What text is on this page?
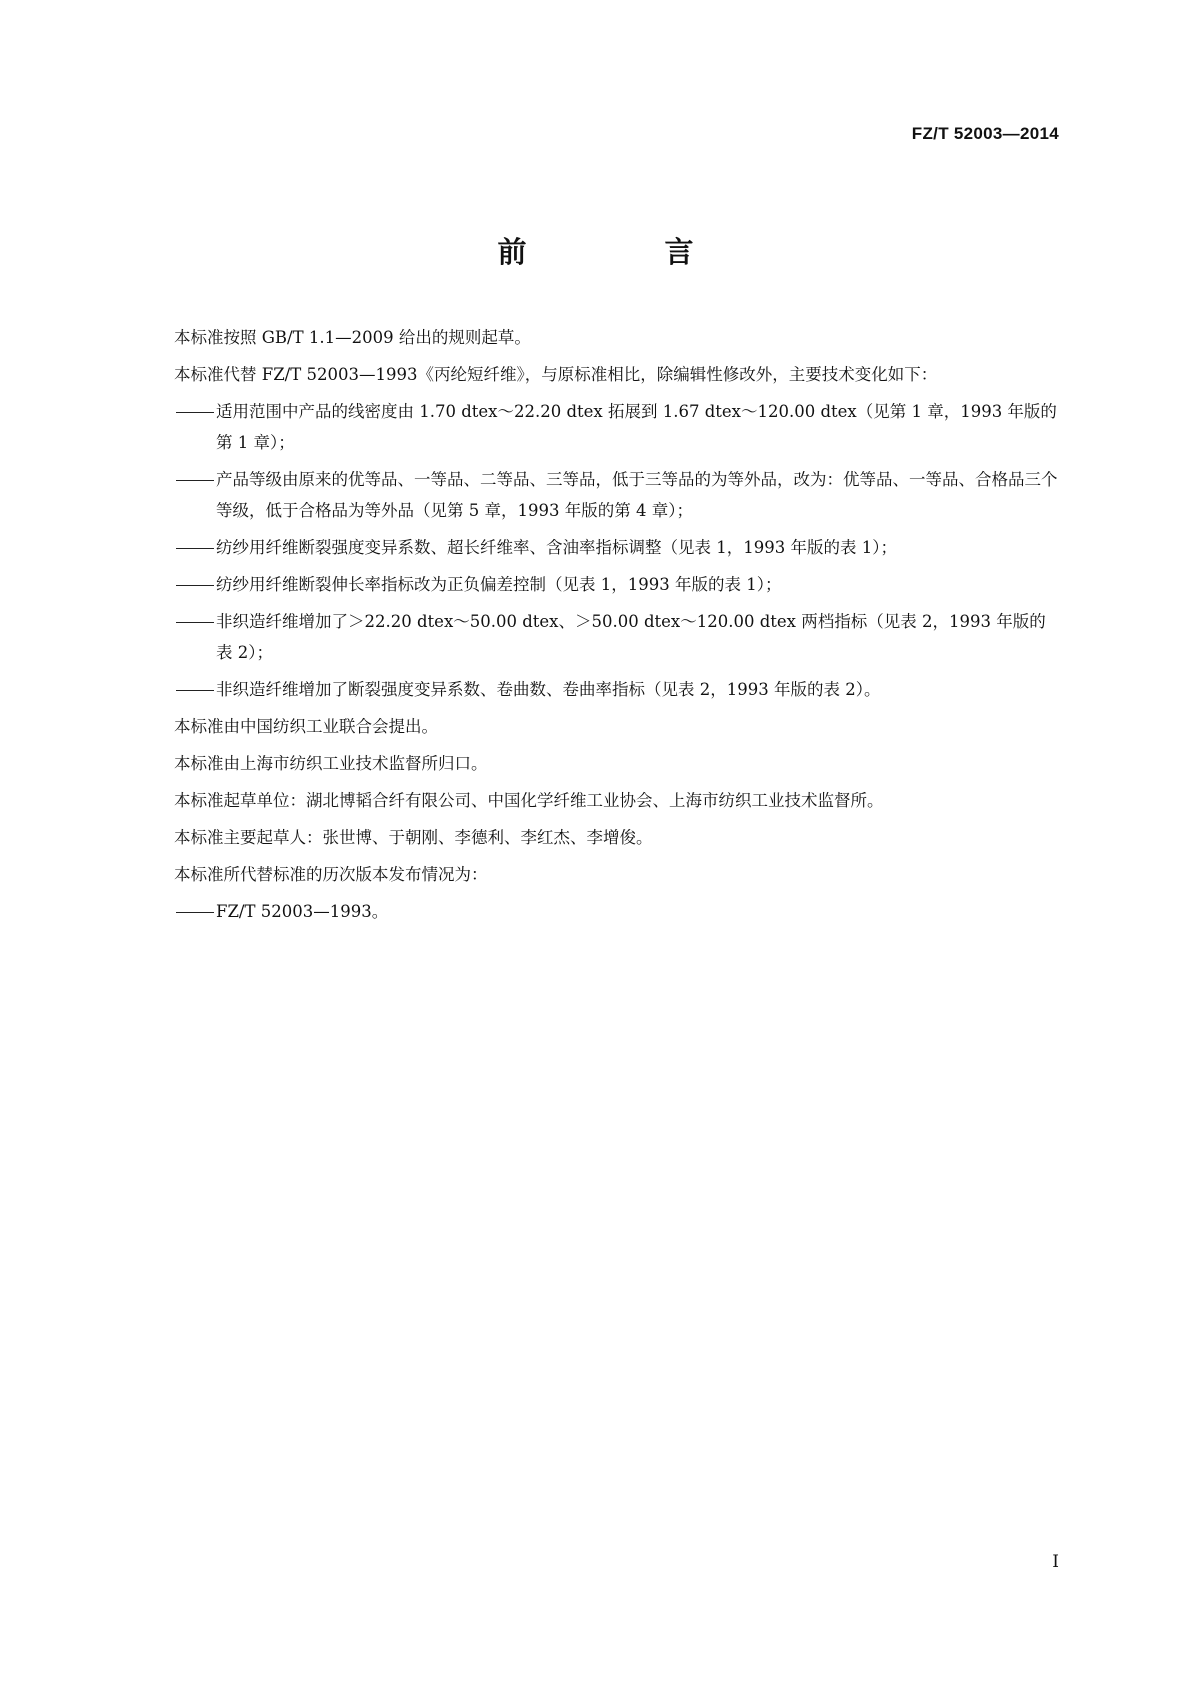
FZ/T 52003—2014
前 言

本标准按照 GB/T 1.1—2009 给出的规则起草。

本标准代替 FZ/T 52003—1993《丙纶短纤维》，与原标准相比，除编辑性修改外，主要技术变化如下：

适用范围中产品的线密度由 1.70 dtex～22.20 dtex 拓展到 1.67 dtex～120.00 dtex（见第 1 章，1993 年版的第 1 章）；
产品等级由原来的优等品、一等品、二等品、三等品，低于三等品的为等外品，改为：优等品、一等品、合格品三个等级，低于合格品为等外品（见第 5 章，1993 年版的第 4 章）；
纺纱用纤维断裂强度变异系数、超长纤维率、含油率指标调整（见表 1，1993 年版的表 1）；
纺纱用纤维断裂伸长率指标改为正负偏差控制（见表 1，1993 年版的表 1）；
非织造纤维增加了＞22.20 dtex～50.00 dtex、＞50.00 dtex～120.00 dtex 两档指标（见表 2，1993 年版的表 2）；
非织造纤维增加了断裂强度变异系数、卷曲数、卷曲率指标（见表 2，1993 年版的表 2）。

本标准由中国纺织工业联合会提出。

本标准由上海市纺织工业技术监督所归口。

本标准起草单位：湖北博韬合纤有限公司、中国化学纤维工业协会、上海市纺织工业技术监督所。

本标准主要起草人：张世博、于朝刚、李德利、李红杰、李增俊。

本标准所代替标准的历次版本发布情况为：

FZ/T 52003—1993。
I
